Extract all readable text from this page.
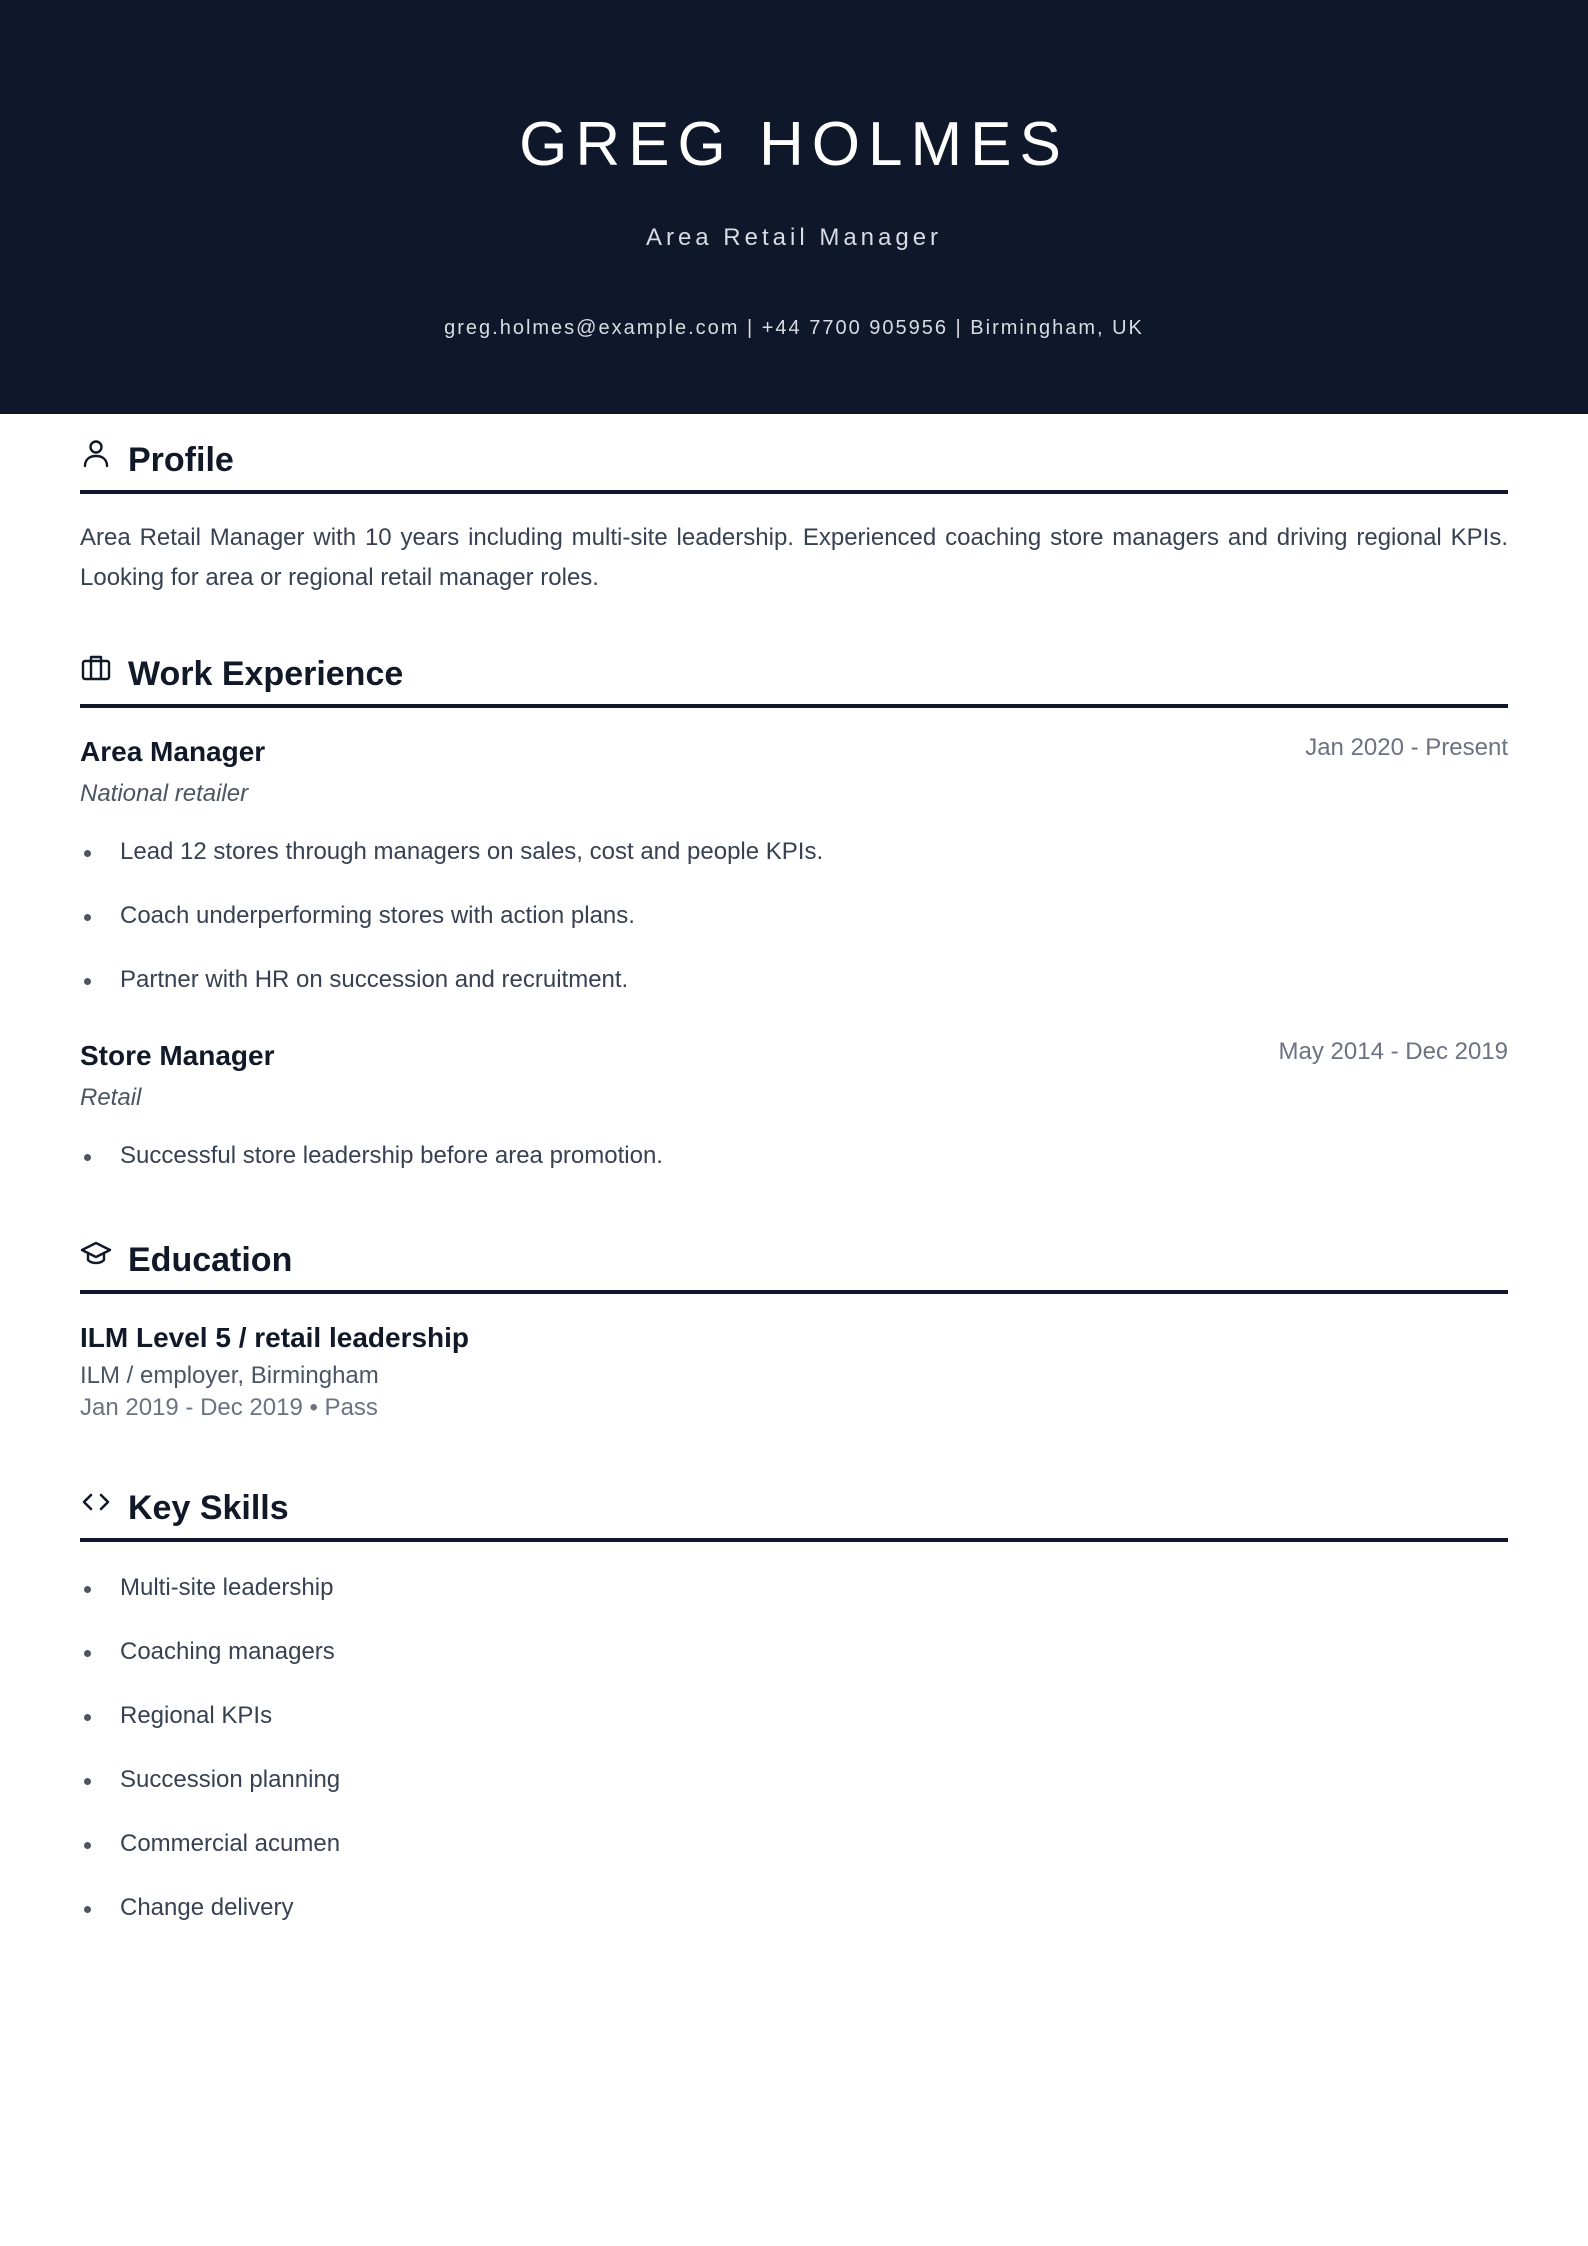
GREG HOLMES
Area Retail Manager
greg.holmes@example.com | +44 7700 905956 | Birmingham, UK
Profile

Area Retail Manager with 10 years including multi-site leadership. Experienced coaching store managers and driving regional KPIs. Looking for area or regional retail manager roles.

Work Experience
Area Manager	Jan 2020 - Present
National retailer
Lead 12 stores through managers on sales, cost and people KPIs.
Coach underperforming stores with action plans.
Partner with HR on succession and recruitment.
Store Manager	May 2014 - Dec 2019
Retail
Successful store leadership before area promotion.
Education
ILM Level 5 / retail leadership
ILM / employer, Birmingham
Jan 2019 - Dec 2019 • Pass
Key Skills
Multi-site leadership
Coaching managers
Regional KPIs
Succession planning
Commercial acumen
Change delivery
